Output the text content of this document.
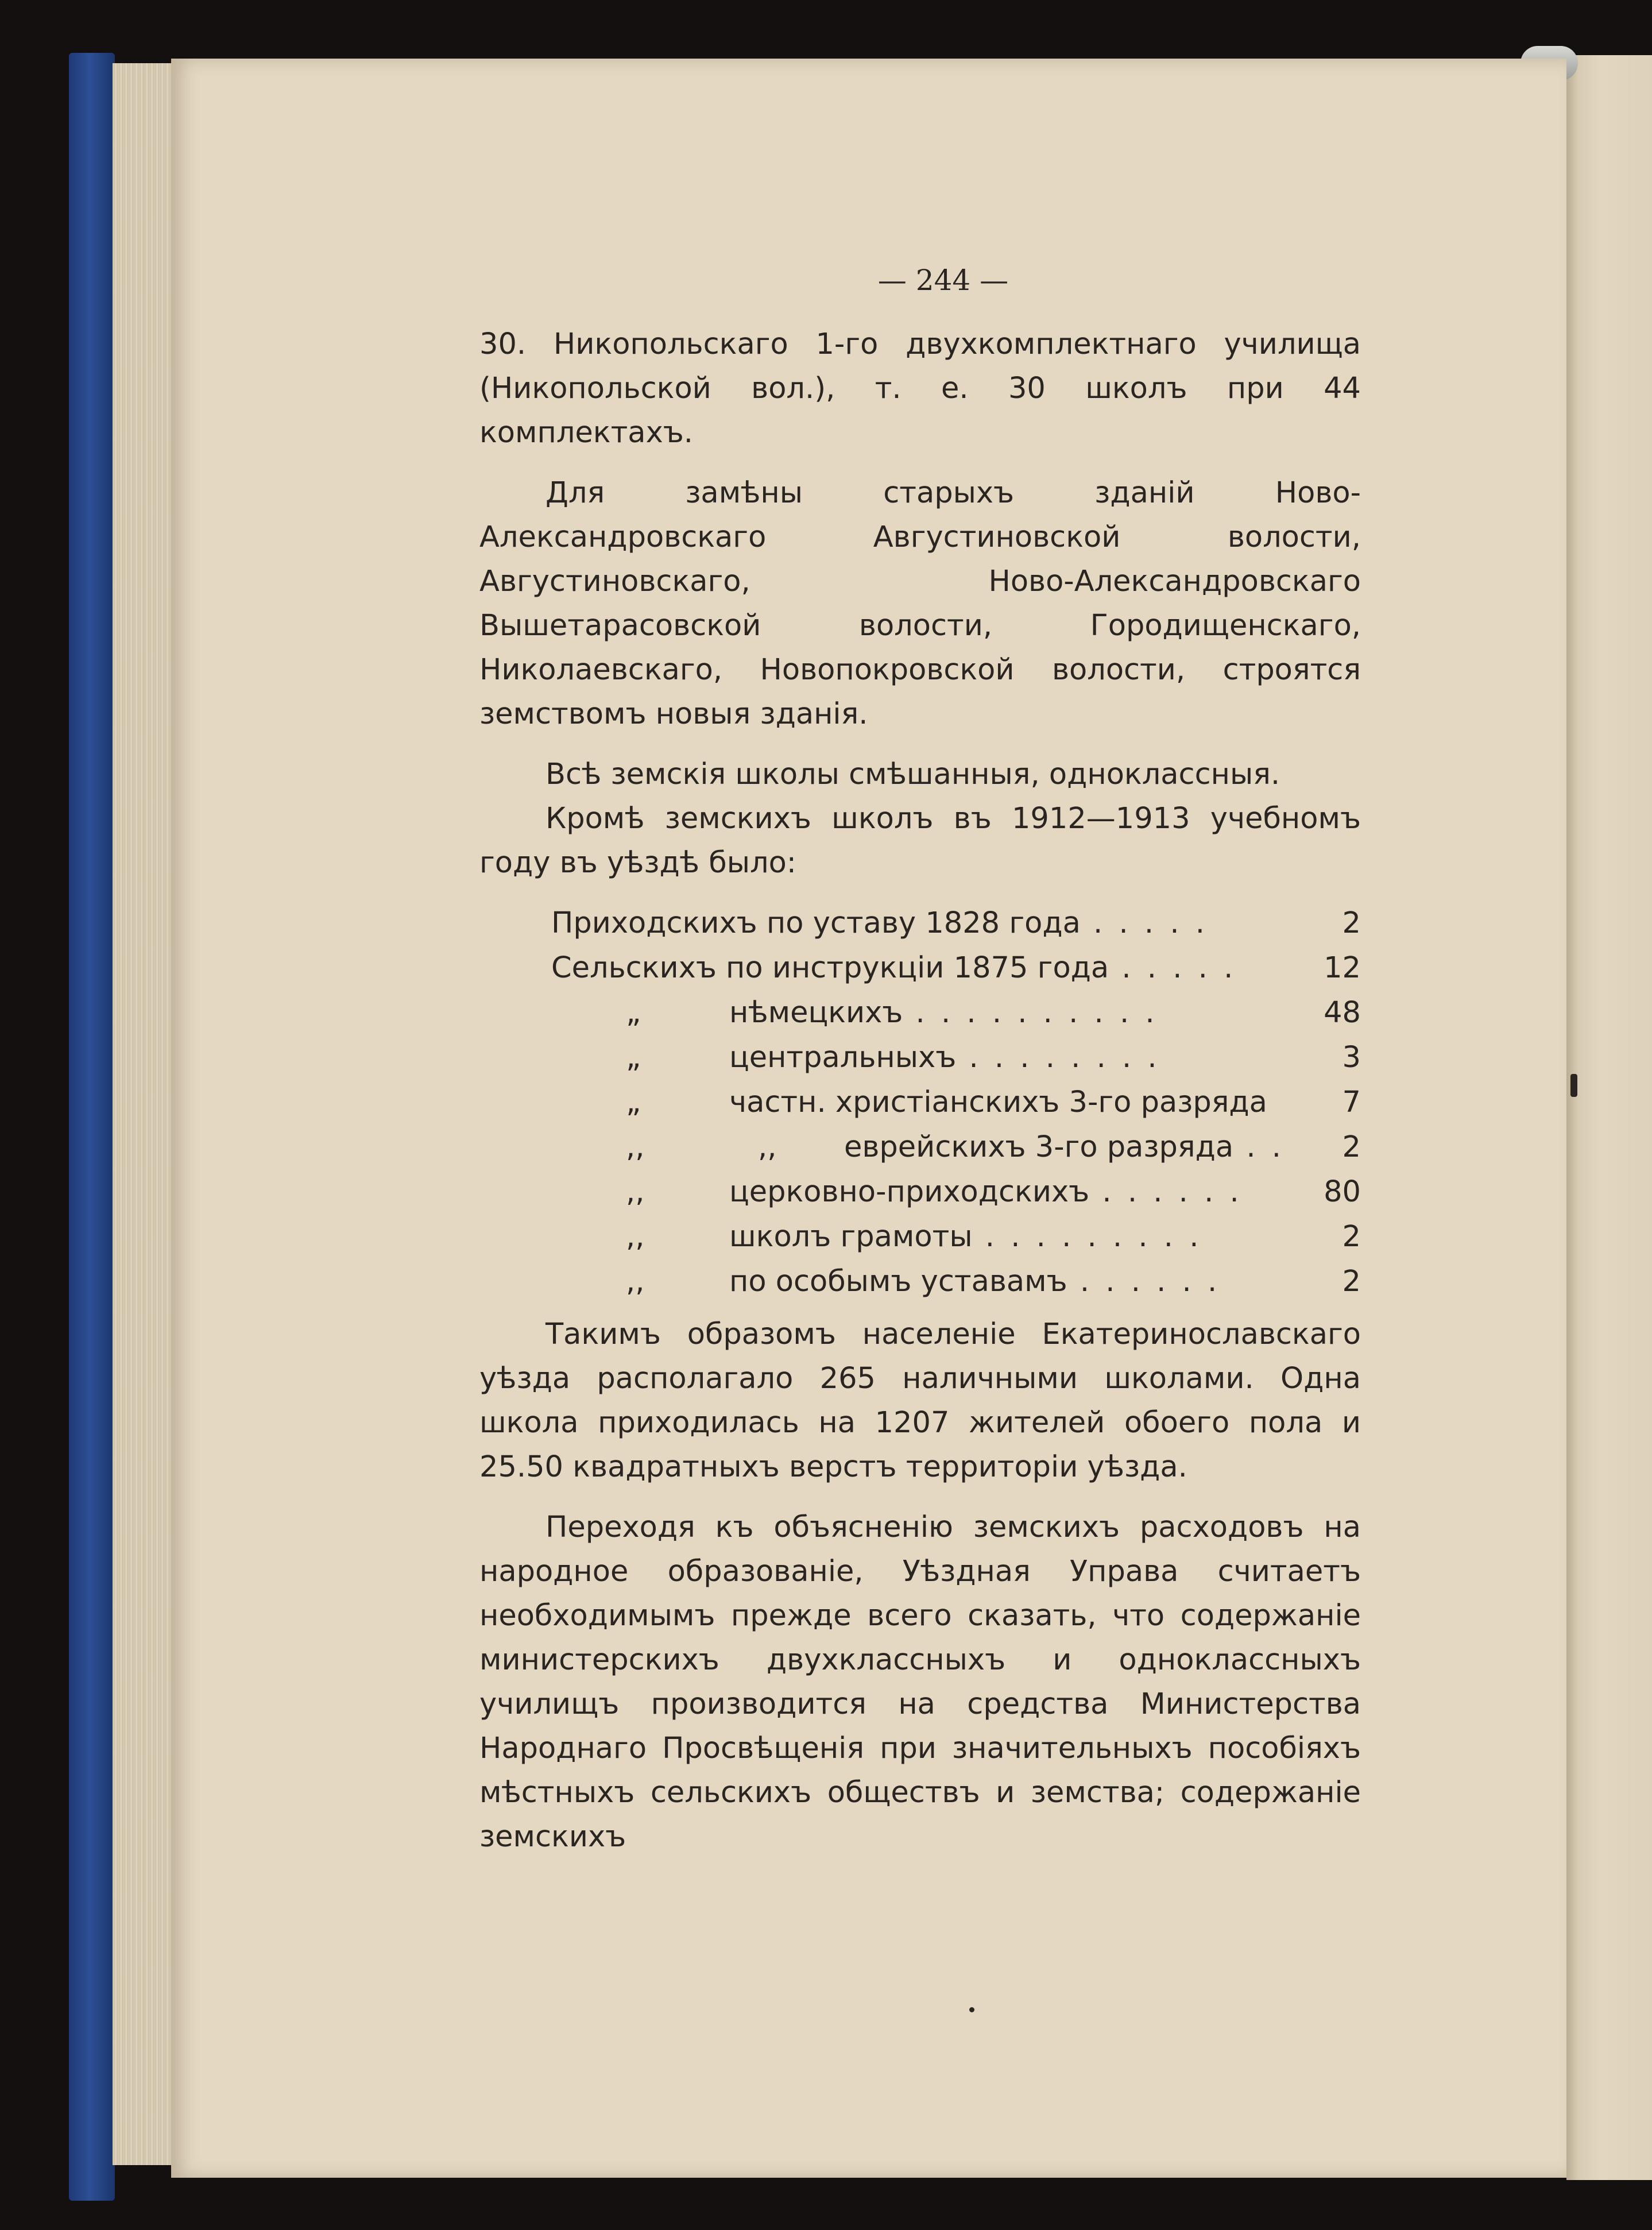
— 244 —

30. Никопольскаго 1-го двухкомплектнаго училища (Никопольской вол.), т. е. 30 школъ при 44 комплектахъ.

Для замѣны старыхъ зданій Ново-Александровскаго Августиновской волости, Августиновскаго, Ново-Александровскаго Вышетарасовской волости, Городищенскаго, Николаевскаго, Новопокровской волости, строятся земствомъ новыя зданія.

Всѣ земскія школы смѣшанныя, одноклассныя.

Кромѣ земскихъ школъ въ 1912—1913 учебномъ году въ уѣздѣ было:

Приходскихъ по уставу 1828 года . . . . .	2
Сельскихъ по инструкціи 1875 года . . . . .	12
„	нѣмецкихъ . . . . . . . . . .	48
„	центральныхъ . . . . . . . .	3
„	частн. христіанскихъ 3-го разряда	7
,,	,, еврейскихъ 3-го разряда . .	2
,,	церковно-приходскихъ . . . . . .	80
,,	школъ грамоты . . . . . . . . .	2
,,	по особымъ уставамъ . . . . . .	2

Такимъ образомъ населеніе Екатеринославскаго уѣзда располагало 265 наличными школами. Одна школа приходилась на 1207 жителей обоего пола и 25.50 квадратныхъ верстъ территоріи уѣзда.

Переходя къ объясненію земскихъ расходовъ на народное образованіе, Уѣздная Управа считаетъ необходимымъ прежде всего сказать, что содержаніе министерскихъ двухклассныхъ и одноклассныхъ училищъ производится на средства Министерства Народнаго Просвѣщенія при значительныхъ пособіяхъ мѣстныхъ сельскихъ обществъ и земства; содержаніе земскихъ
